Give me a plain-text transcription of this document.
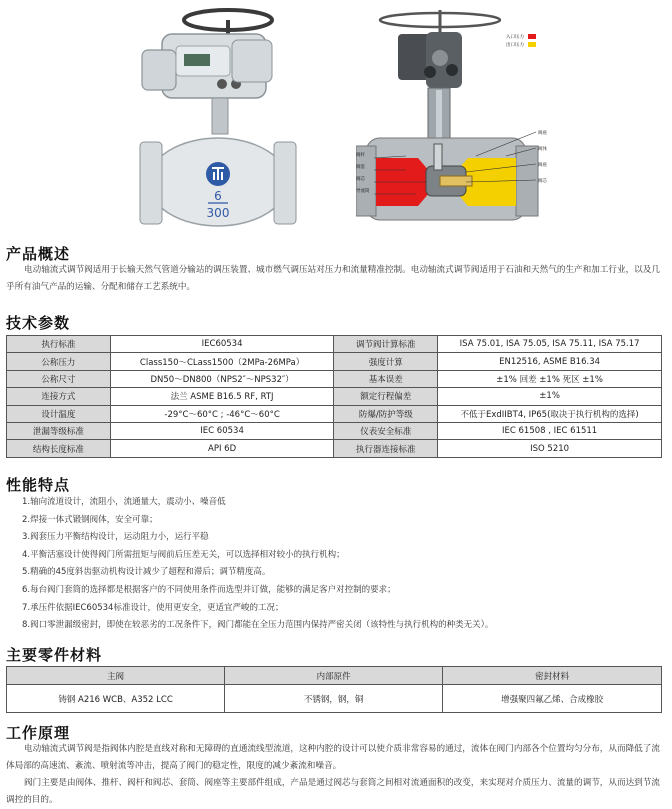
6
300
阀杆
阀套
阀芯
导流筒
阀座
阀体
阀座
阀芯
入口压力
出口压力
产品概述

电动轴流式调节阀适用于长输天然气管道分输站的调压装置、城市燃气调压站对压力和流量精准控制。电动轴流式调节阀适用于石油和天然气的生产和加工行业，以及几乎所有油气产品的运输、分配和储存工艺系统中。

技术参数
执行标准	IEC60534	调节阀计算标准	ISA 75.01, ISA 75.05, ISA 75.11, ISA 75.17
公称压力	Class150～CLass1500（2MPa-26MPa）	强度计算	EN12516, ASME B16.34
公称尺寸	DN50～DN800（NPS2″～NPS32″）	基本误差	±1% 回差 ±1% 死区 ±1%
连接方式	法兰 ASME B16.5 RF, RTJ	额定行程偏差	±1%
设计温度	-29°C～60°C ; -46°C～60°C	防爆/防护等级	不低于ExdIIBT4, IP65(取决于执行机构的选择)
泄漏等级标准	IEC 60534	仪表安全标准	IEC 61508 , IEC 61511
结构长度标准	API 6D	执行器连接标准	ISO 5210
性能特点
1.轴向流道设计，流阻小，流通量大，震动小、噪音低
2.焊接一体式锻钢阀体，安全可靠；
3.阀套压力平衡结构设计，运动阻力小，运行平稳
4.平衡活塞设计使得阀门所需扭矩与阀前后压差无关，可以选择相对较小的执行机构；
5.精确的45度斜齿驱动机构设计减少了超程和滞后；调节精度高。
6.每台阀门套筒的选择都是根据客户的不同使用条件而选型并订做，能够的满足客户对控制的要求；
7.承压件依据IEC60534标准设计，使用更安全，更适宜严峻的工况；
8.阀口零泄漏级密封，即使在较恶劣的工况条件下，阀门都能在全压力范围内保持严密关闭（该特性与执行机构的种类无关）。
主要零件材料
主阀	内部原件	密封材料
铸钢 A216 WCB、A352 LCC	不锈钢，钢，铜	增强聚四氟乙烯、合成橡胶
工作原理

电动轴流式调节阀是指阀体内腔是直线对称和无障碍的直通流线型流道，这种内腔的设计可以使介质非常容易的通过，流体在阀门内部各个位置均匀分布，从而降低了流体局部的高速流、紊流、喷射流等冲击，提高了阀门的稳定性，限度的减少紊流和噪音。

阀门主要是由阀体、推杆、阀杆和阀芯、套筒、阀座等主要部件组成，产品是通过阀芯与套筒之间相对流通面积的改变，来实现对介质压力、流量的调节，从而达到节流调控的目的。
